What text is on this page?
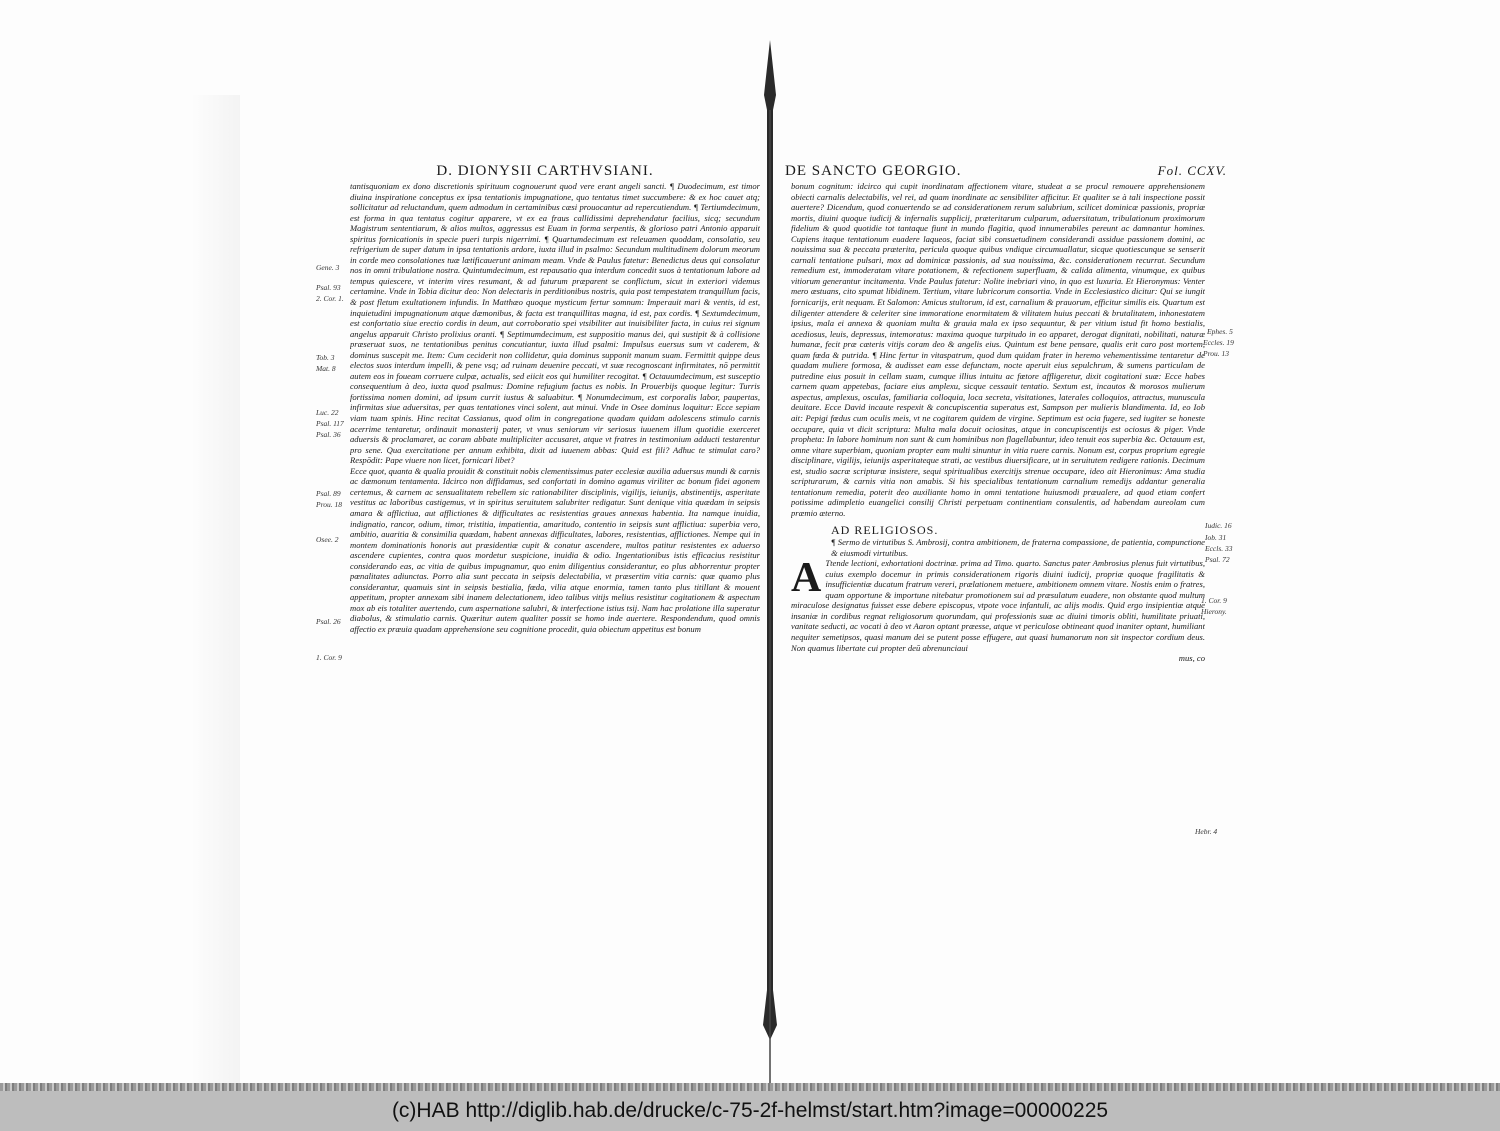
D. DIONYSII CARTHVSIANI.

tantisquoniam ex dono discretionis spirituum cognouerunt quod vere erant angeli sancti. ¶ Duodecimum, est timor diuina inspiratione conceptus ex ipsa tentationis impugnatione, quo tentatus timet succumbere: & ex hoc cauet atq; sollicitatur ad reluctandum, quem admodum in certaminibus cæsi prouocantur ad repercutiendum. ¶ Tertiumdecimum, est forma in qua tentatus cogitur apparere, vt ex ea fraus callidissimi deprehendatur facilius, sicq; secundum Magistrum sententiarum, & alios multos, aggressus est Euam in forma serpentis, & glorioso patri Antonio apparuit spiritus fornicationis in specie pueri turpis nigerrimi. ¶ Quartumdecimum est releuamen quoddam, consolatio, seu refrigerium de super datum in ipsa tentationis ardore, iuxta illud in psalmo: Secundum multitudinem dolorum meorum in corde meo consolationes tuæ lætificauerunt animam meam. Vnde & Paulus fatetur: Benedictus deus qui consolatur nos in omni tribulatione nostra. Quintumdecimum, est repausatio qua interdum concedit suos à tentationum labore ad tempus quiescere, vt interim vires resumant, & ad futurum præparent se conflictum, sicut in exteriori videmus certamine. Vnde in Tobia dicitur deo: Non delectaris in perditionibus nostris, quia post tempestatem tranquillum facis, & post fletum exultationem infundis. In Matthæo quoque mysticum fertur somnum: Imperauit mari & ventis, id est, inquietudini impugnationum atque dæmonibus, & facta est tranquillitas magna, id est, pax cordis. ¶ Sextumdecimum, est confortatio siue erectio cordis in deum, aut corroboratio spei vtsibiliter aut inuisibiliter facta, in cuius rei signum angelus apparuit Christo prolixius oranti. ¶ Septimumdecimum, est suppositio manus dei, qui sustipit & à collisione præseruat suos, ne tentationibus penitus concutiantur, iuxta illud psalmi: Impulsus euersus sum vt caderem, & dominus suscepit me. Item: Cum ceciderit non collidetur, quia dominus supponit manum suam. Fermittit quippe deus electos suos interdum impelli, & pene vsq; ad ruinam deuenire peccati, vt suæ recognoscant infirmitates, nō permittit autem eos in foueam corruere culpæ, actualis, sed eiicit eos qui humiliter recogitat. ¶ Octauumdecimum, est susceptio consequentium à deo, iuxta quod psalmus: Domine refugium factus es nobis. In Prouerbijs quoque legitur: Turris fortissima nomen domini, ad ipsum currit iustus & saluabitur. ¶ Nonumdecimum, est corporalis labor, paupertas, infirmitas siue aduersitas, per quas tentationes vinci solent, aut minui. Vnde in Osee dominus loquitur: Ecce sepiam viam tuam spinis. Hinc recitat Cassianus, quod olim in congregatione quadam quidam adolescens stimulo carnis acerrime tentaretur, ordinauit monasterij pater, vt vnus seniorum vir seriosus iuuenem illum quotidie exerceret aduersis & proclamaret, ac coram abbate multipliciter accusaret, atque vt fratres in testimonium adducti testarentur pro sene. Qua exercitatione per annum exhibita, dixit ad iuuenem abbas: Quid est fili? Adhuc te stimulat caro? Respōdit: Pape viuere non licet, fornicari libet?

Ecce quot, quanta & qualia prouidit & constituit nobis clementissimus pater ecclesiæ auxilia aduersus mundi & carnis ac dæmonum tentamenta. Idcirco non diffidamus, sed confortati in domino agamus viriliter ac bonum fidei agonem certemus, & carnem ac sensualitatem rebellem sic rationabiliter disciplinis, vigilijs, ieiunijs, abstinentijs, asperitate vestitus ac laboribus castigemus, vt in spiritus seruitutem salubriter redigatur. Sunt denique vitia quædam in seipsis amara & afflictiua, aut afflictiones & difficultates ac resistentias graues annexas habentia. Ita namque inuidia, indignatio, rancor, odium, timor, tristitia, impatientia, amaritudo, contentio in seipsis sunt afflictiua: superbia vero, ambitio, auaritia & consimilia quædam, habent annexas difficultates, labores, resistentias, afflictiones. Nempe qui in montem dominationis honoris aut præsidentiæ cupit & conatur ascendere, multos patitur resistentes ex aduerso ascendere cupientes, contra quos mordetur suspicione, inuidia & odio. Ingentationibus istis efficacius resistitur considerando eas, ac vitia de quibus impugnamur, quo enim diligentius considerantur, eo plus abhorrentur propter pœnalitates adiunctas. Porro alia sunt peccata in seipsis delectabilia, vt præsertim vitia carnis: quæ quamo plus considerantur, quamuis sint in seipsis bestialia, fœda, vilia atque enormia, tamen tanto plus titillant & mouent appetitum, propter annexam sibi inanem delectationem, ideo talibus vitijs melius resistitur cogitationem & aspectum mox ab eis totaliter auertendo, cum aspernatione salubri, & interfectione istius tsij. Nam hac prolatione illa superatur diabolus, & stimulatio carnis. Quæritur autem qualiter possit se homo inde auertere. Respondendum, quod omnis affectio ex præuia quadam apprehensione seu cognitione procedit, quia obiectum appetitus est bonum

Gene. 3
Psal. 93
2. Cor. 1.
Tob. 3
Mat. 8
Luc. 22
Psal. 117
Psal. 36
Psal. 89
Prou. 18
Osee. 2
Psal. 26
1. Cor. 9
DE SANCTO GEORGIO.	Fol. CCXV.

bonum cognitum: idcirco qui cupit inordinatam affectionem vitare, studeat a se procul remouere apprehensionem obiecti carnalis delectabilis, vel rei, ad quam inordinate ac sensibiliter afficitur. Et qualiter se à tali inspectione possit auertere? Dicendum, quod conuertendo se ad considerationem rerum salubrium, scilicet dominicæ passionis, propriæ mortis, diuini quoque iudicij & infernalis supplicij, præteritarum culparum, aduersitatum, tribulationum proximorum fidelium & quod quotidie tot tantaque fiunt in mundo flagitia, quod innumerabiles pereunt ac damnantur homines. Cupiens itaque tentationum euadere laqueos, faciat sibi consuetudinem considerandi assidue passionem domini, ac nouissima sua & peccata præterita, pericula quoque quibus vndique circumuallatur, sicque quotiescunque se senserit carnali tentatione pulsari, mox ad dominicæ passionis, ad sua nouissima, &c. considerationem recurrat. Secundum remedium est, immoderatam vitare potationem, & refectionem superfluam, & calida alimenta, vinumque, ex quibus vitiorum generantur incitamenta. Vnde Paulus fatetur: Nolite inebriari vino, in quo est luxuria. Et Hieronymus: Venter mero æstuans, cito spumat libidinem. Tertium, vitare lubricorum consortia. Vnde in Ecclesiastico dicitur: Qui se iungit fornicarijs, erit nequam. Et Salomon: Amicus stultorum, id est, carnalium & prauorum, efficitur similis eis. Quartum est diligenter attendere & celeriter sine immoratione enormitatem & vilitatem huius peccati & brutalitatem, inhonestatem ipsius, mala ei annexa & quoniam multa & grauia mala ex ipso sequuntur, & per vitium istud fit homo bestialis, acediosus, leuis, depressus, intemoratus: maxima quoque turpitudo in eo apparet, derogat dignitati, nobilitati, naturæ humanæ, fecit præ cæteris vitijs coram deo & angelis eius. Quintum est bene pensare, qualis erit caro post mortem, quam fœda & putrida. ¶ Hinc fertur in vitaspatrum, quod dum quidam frater in heremo vehementissime tentaretur de quadam muliere formosa, & audisset eam esse defunctam, nocte aperuit eius sepulchrum, & sumens particulam de putredine eius posuit in cellam suam, cumque illius intuitu ac fœtore affligeretur, dixit cogitationi suæ: Ecce habes carnem quam appetebas, faciare eius amplexu, sicque cessauit tentatio. Sextum est, incautos & morosos mulierum aspectus, amplexus, osculas, familiaria colloquia, loca secreta, visitationes, laterales colloquios, attractus, munuscula deuitare. Ecce David incaute respexit & concupiscentia superatus est, Sampson per mulieris blandimenta. Id, eo Iob ait: Pepigi fœdus cum oculis meis, vt ne cogitarem quidem de virgine. Septimum est ocia fugere, sed iugiter se honeste occupare, quia vt dicit scriptura: Multa mala docuit ociositas, atque in concupiscentijs est ociosus & piger. Vnde propheta: In labore hominum non sunt & cum hominibus non flagellabuntur, ideo tenuit eos superbia &c. Octauum est, omne vitare superbiam, quoniam propter eam multi sinuntur in vitia ruere carnis. Nonum est, corpus proprium egregie disciplinare, vigilijs, ieiunijs asperitateque strati, ac vestibus diuersificare, ut in seruitutem redigere rationis. Decimum est, studio sacræ scripturæ insistere, sequi spiritualibus exercitijs strenue occupare, ideo ait Hieronimus: Ama studia scripturarum, & carnis vitia non amabis. Si his specialibus tentationum carnalium remedijs addantur generalia tentationum remedia, poterit deo auxiliante homo in omni tentatione huiusmodi præualere, ad quod etiam confert potissime adimpletio euangelici consilij Christi perpetuam continentiam consulentis, ad habendam aureolam cum præmio æterno.

AD RELIGIOSOS.

¶ Sermo de virtutibus S. Ambrosij, contra ambitionem, de fraterna compassione, de patientia, compunctione & eiusmodi virtutibus.

A Ttende lectioni, exhortationi doctrinæ. prima ad Timo. quarto. Sanctus pater Ambrosius plenus fuit virtutibus, cuius exemplo docemur in primis considerationem rigoris diuini iudicij, propriæ quoque fragilitatis & insufficientiæ ducatum fratrum vereri, prælationem metuere, ambitionem omnem vitare. Nostis enim o fratres, quam opportune & importune nitebatur promotionem sui ad præsulatum euadere, non obstante quod multum miraculose designatus fuisset esse debere episcopus, vtpote voce infantuli, ac alijs modis. Quid ergo insipientiæ atque insaniæ in cordibus regnat religiosorum quorundam, qui professionis suæ ac diuini timoris obliti, humilitate priuati, vanitate seducti, ac vocati à deo vt Aaron optant præesse, atque vt periculose obtineant quod inaniter optant, humiliant nequiter semetipsos, quasi manum dei se putent posse effugere, aut quasi humanorum non sit inspector cordium deus. Non quamus libertate cui propter deū abrenunciaui

mus, co

Ephes. 5
Eccles. 19
Prou. 13
Iudic. 16
Iob. 31
Eccls. 33
Psal. 72
1. Cor. 9
Hierony.
Hebr. 4
(c)HAB http://diglib.hab.de/drucke/c-75-2f-helmst/start.htm?image=00000225
